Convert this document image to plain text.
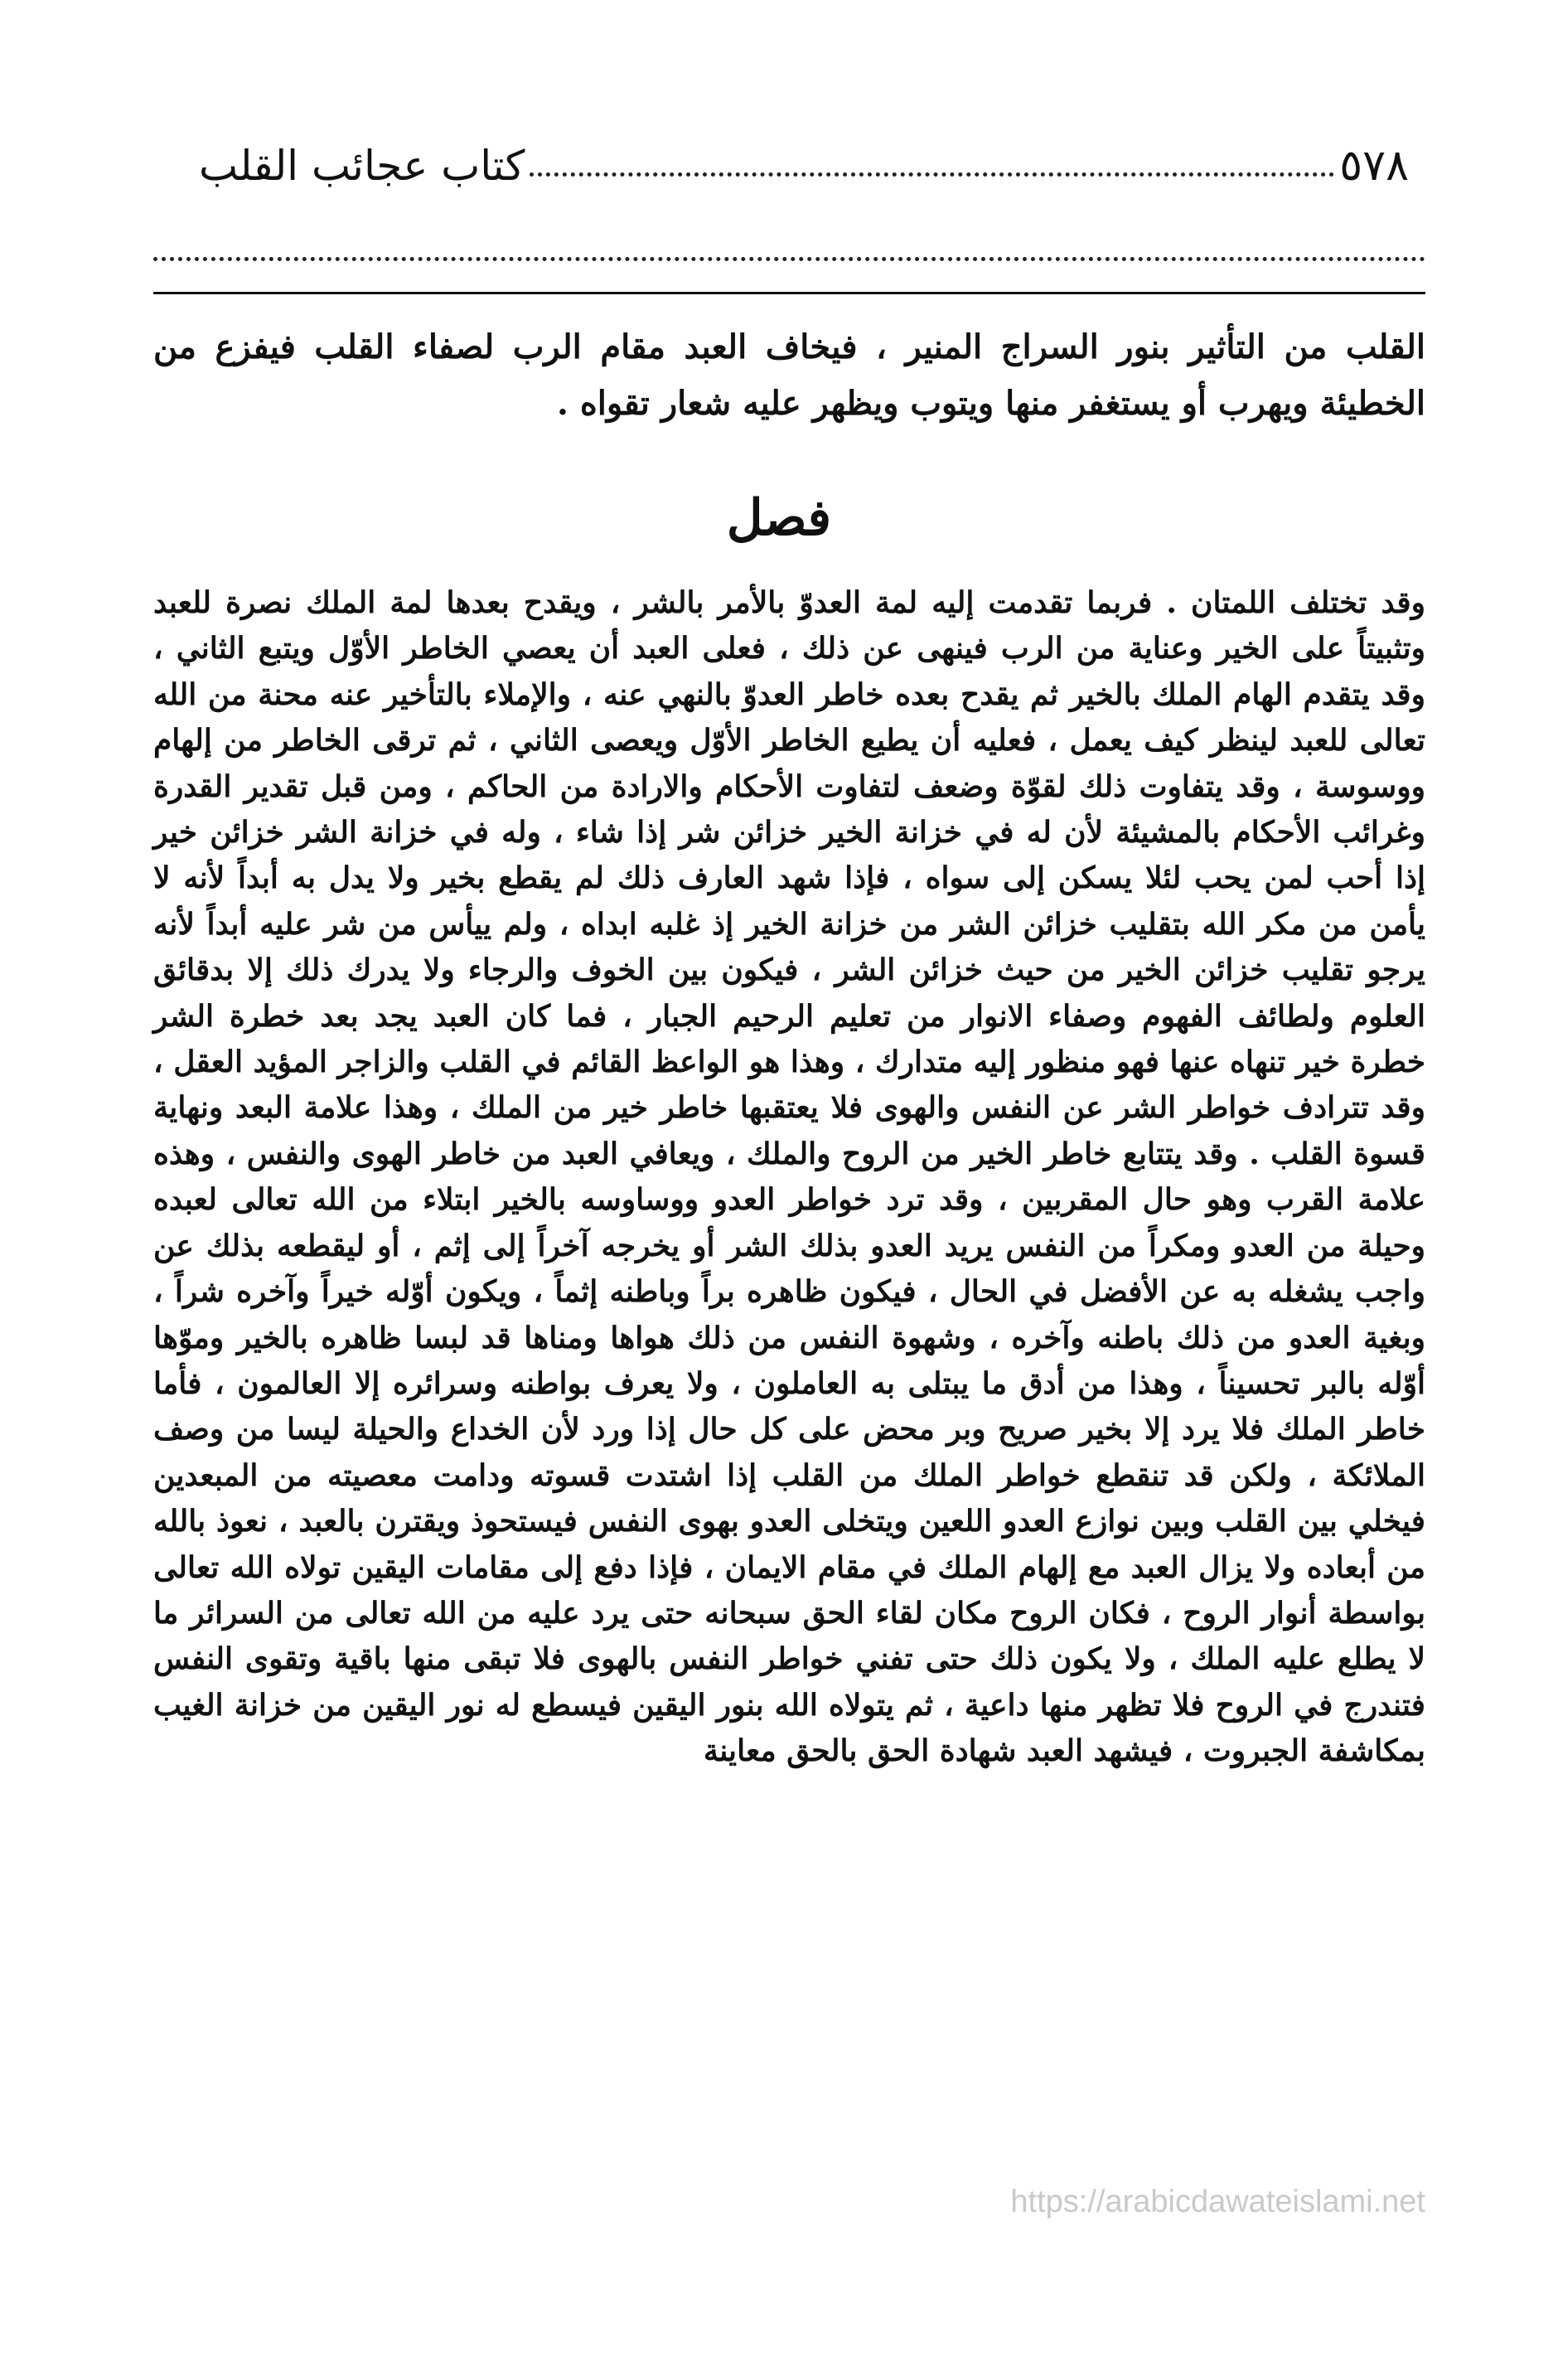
٥٧٨
كتاب عجائب القلب

القلب من التأثير بنور السراج المنير ، فيخاف العبد مقام الرب لصفاء القلب فيفزع من الخطيئة ويهرب أو يستغفر منها ويتوب ويظهر عليه شعار تقواه .

فصل

وقد تختلف اللمتان . فربما تقدمت إليه لمة العدوّ بالأمر بالشر ، ويقدح بعدها لمة الملك نصرة للعبد وتثبيتاً على الخير وعناية من الرب فينهى عن ذلك ، فعلى العبد أن يعصي الخاطر الأوّل ويتبع الثاني ، وقد يتقدم الهام الملك بالخير ثم يقدح بعده خاطر العدوّ بالنهي عنه ، والإملاء بالتأخير عنه محنة من الله تعالى للعبد لينظر كيف يعمل ، فعليه أن يطيع الخاطر الأوّل ويعصى الثاني ، ثم ترقى الخاطر من إلهام ووسوسة ، وقد يتفاوت ذلك لقوّة وضعف لتفاوت الأحكام والارادة من الحاكم ، ومن قبل تقدير القدرة وغرائب الأحكام بالمشيئة لأن له في خزانة الخير خزائن شر إذا شاء ، وله في خزانة الشر خزائن خير إذا أحب لمن يحب لئلا يسكن إلى سواه ، فإذا شهد العارف ذلك لم يقطع بخير ولا يدل به أبداً لأنه لا يأمن من مكر الله بتقليب خزائن الشر من خزانة الخير إذ غلبه ابداه ، ولم ييأس من شر عليه أبداً لأنه يرجو تقليب خزائن الخير من حيث خزائن الشر ، فيكون بين الخوف والرجاء ولا يدرك ذلك إلا بدقائق العلوم ولطائف الفهوم وصفاء الانوار من تعليم الرحيم الجبار ، فما كان العبد يجد بعد خطرة الشر خطرة خير تنهاه عنها فهو منظور إليه متدارك ، وهذا هو الواعظ القائم في القلب والزاجر المؤيد العقل ، وقد تترادف خواطر الشر عن النفس والهوى فلا يعتقبها خاطر خير من الملك ، وهذا علامة البعد ونهاية قسوة القلب . وقد يتتابع خاطر الخير من الروح والملك ، ويعافي العبد من خاطر الهوى والنفس ، وهذه علامة القرب وهو حال المقربين ، وقد ترد خواطر العدو ووساوسه بالخير ابتلاء من الله تعالى لعبده وحيلة من العدو ومكراً من النفس يريد العدو بذلك الشر أو يخرجه آخراً إلى إثم ، أو ليقطعه بذلك عن واجب يشغله به عن الأفضل في الحال ، فيكون ظاهره براً وباطنه إثماً ، ويكون أوّله خيراً وآخره شراً ، وبغية العدو من ذلك باطنه وآخره ، وشهوة النفس من ذلك هواها ومناها قد لبسا ظاهره بالخير وموّها أوّله بالبر تحسيناً ، وهذا من أدق ما يبتلى به العاملون ، ولا يعرف بواطنه وسرائره إلا العالمون ، فأما خاطر الملك فلا يرد إلا بخير صريح وبر محض على كل حال إذا ورد لأن الخداع والحيلة ليسا من وصف الملائكة ، ولكن قد تنقطع خواطر الملك من القلب إذا اشتدت قسوته ودامت معصيته من المبعدين فيخلي بين القلب وبين نوازع العدو اللعين ويتخلى العدو بهوى النفس فيستحوذ ويقترن بالعبد ، نعوذ بالله من أبعاده ولا يزال العبد مع إلهام الملك في مقام الايمان ، فإذا دفع إلى مقامات اليقين تولاه الله تعالى بواسطة أنوار الروح ، فكان الروح مكان لقاء الحق سبحانه حتى يرد عليه من الله تعالى من السرائر ما لا يطلع عليه الملك ، ولا يكون ذلك حتى تفني خواطر النفس بالهوى فلا تبقى منها باقية وتقوى النفس فتندرج في الروح فلا تظهر منها داعية ، ثم يتولاه الله بنور اليقين فيسطع له نور اليقين من خزانة الغيب بمكاشفة الجبروت ، فيشهد العبد شهادة الحق بالحق معاينة

https://arabicdawateislami.net
